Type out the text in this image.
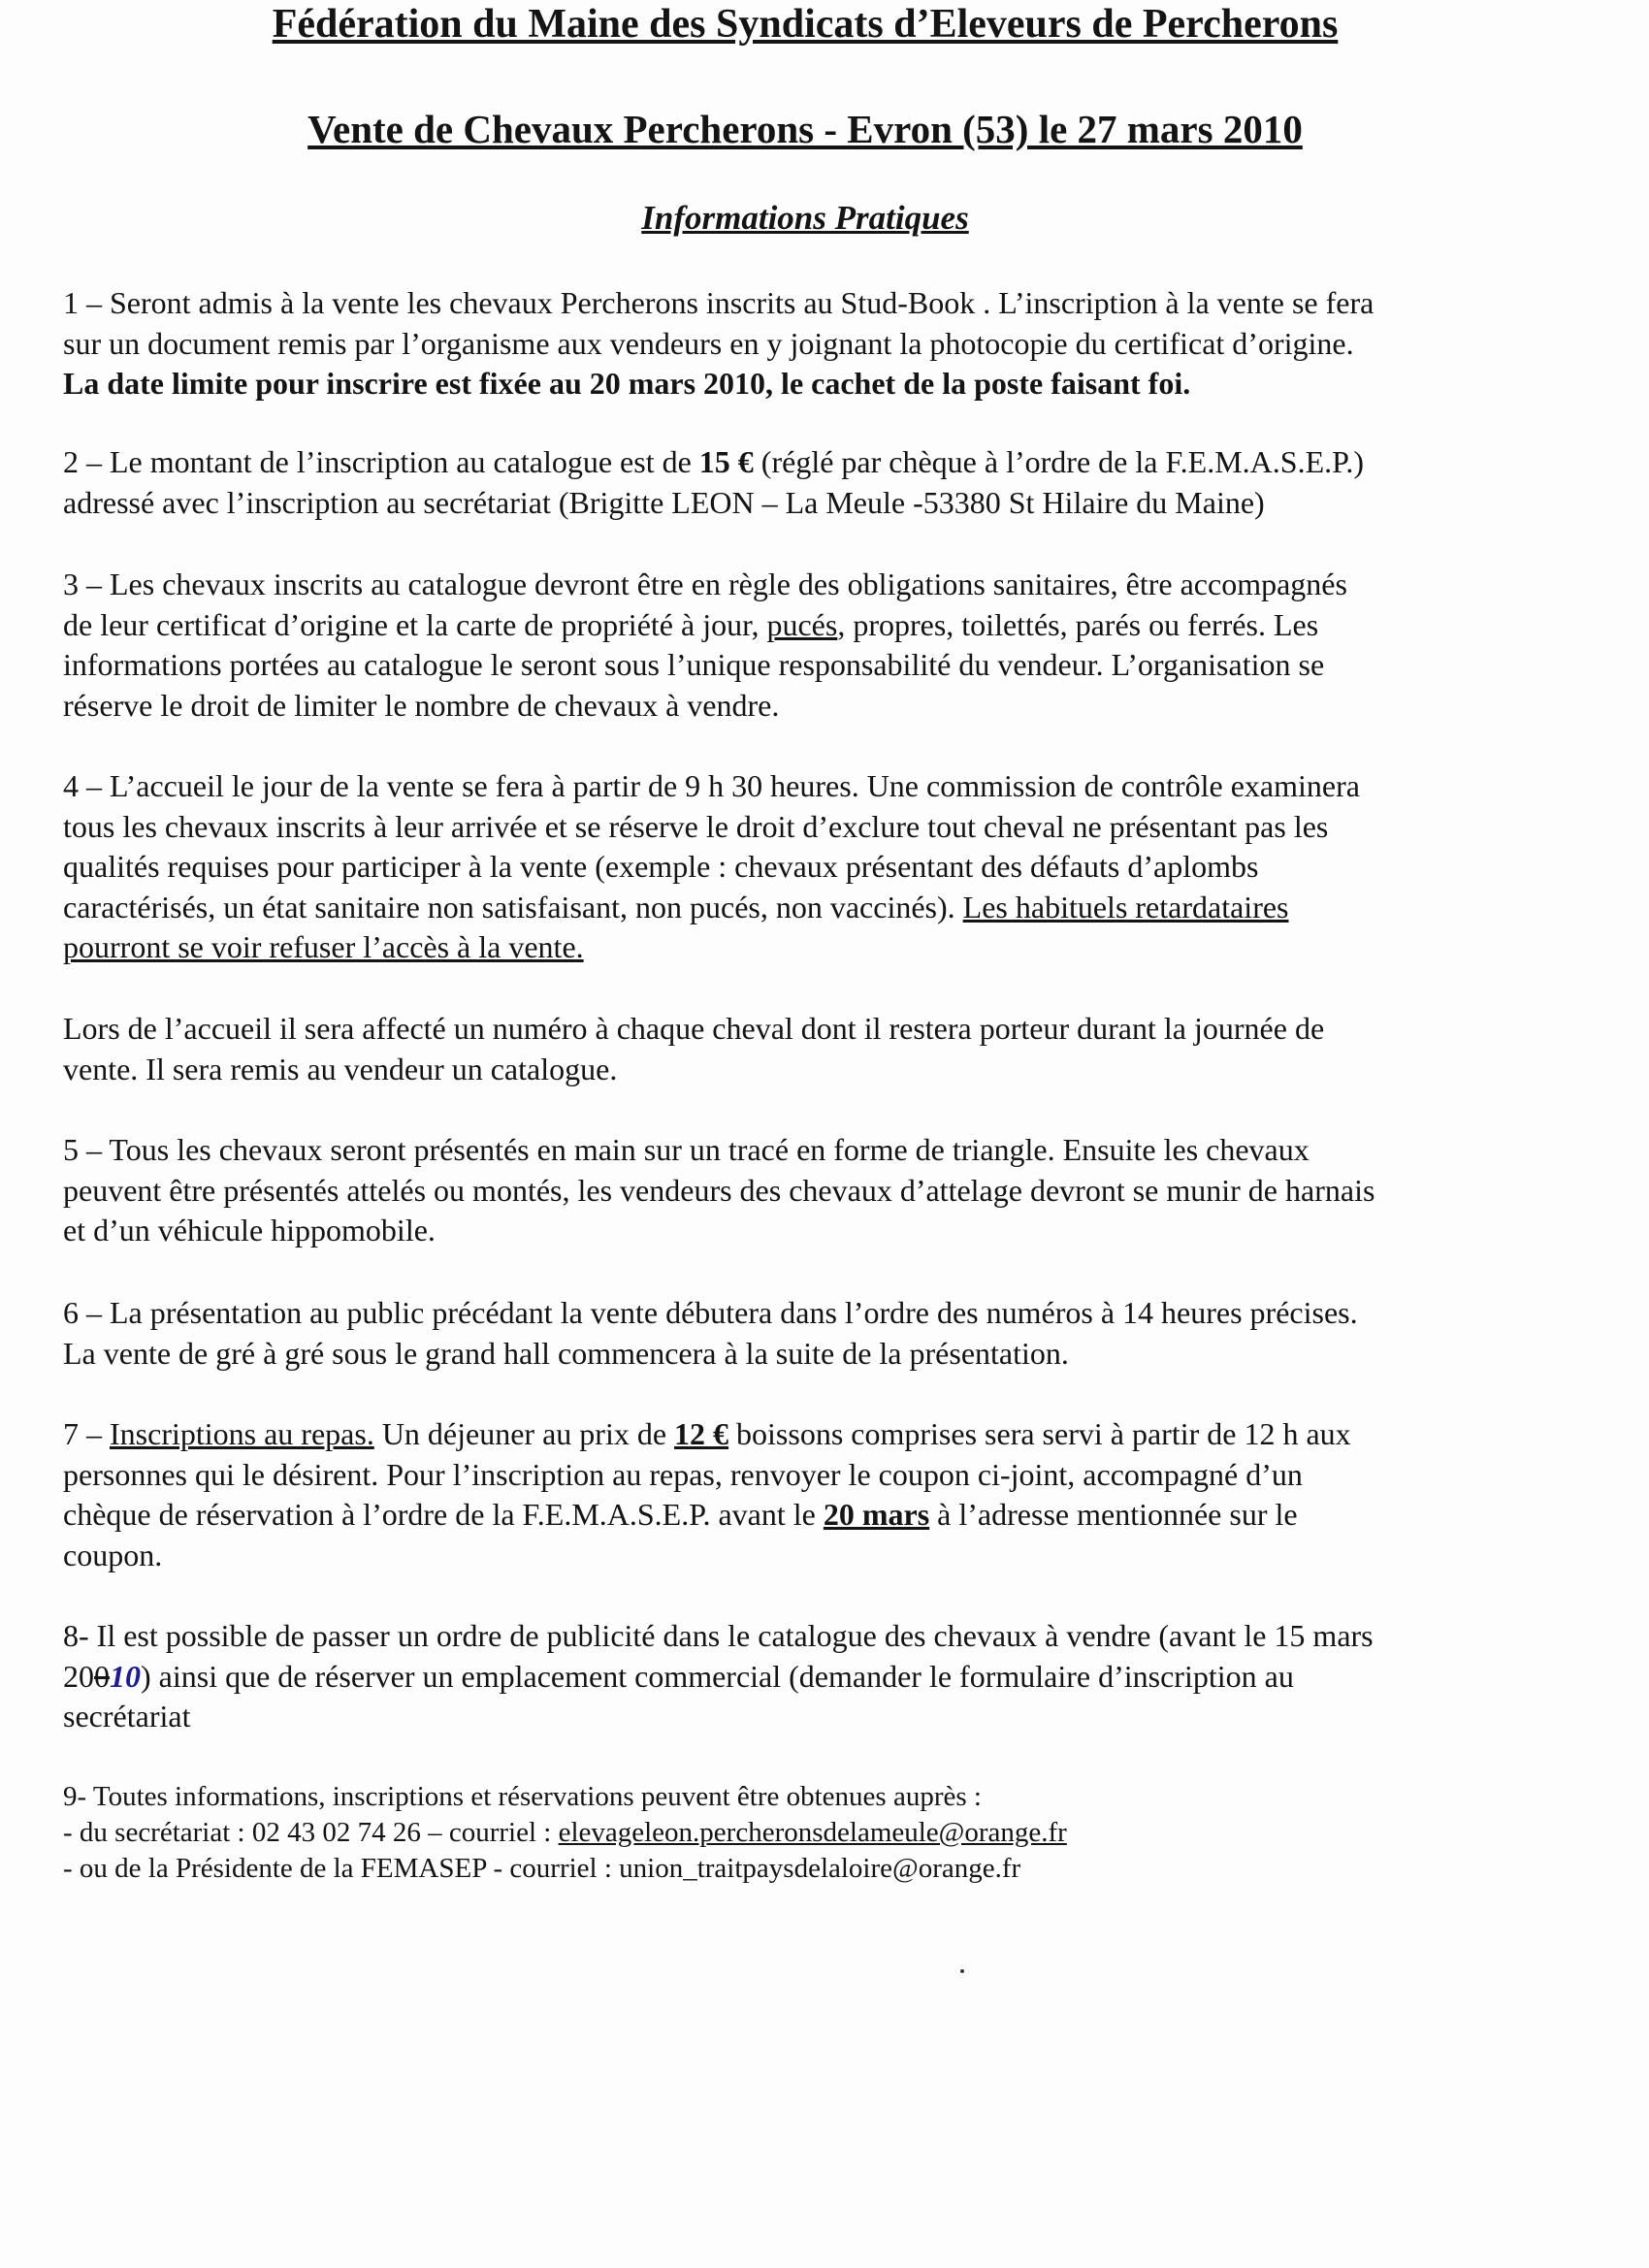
Fédération du Maine des Syndicats d’Eleveurs de Percherons
Vente de Chevaux Percherons - Evron (53) le 27 mars 2010
Informations Pratiques
1 – Seront admis à la vente les chevaux Percherons inscrits au Stud-Book . L’inscription à la vente se fera
sur un document remis par l’organisme aux vendeurs en y joignant la photocopie du certificat d’origine.
La date limite pour inscrire est fixée au 20 mars 2010, le cachet de la poste faisant foi.
2 – Le montant de l’inscription au catalogue est de 15 € (réglé par chèque à l’ordre de la F.E.M.A.S.E.P.)
adressé avec l’inscription au secrétariat (Brigitte LEON – La Meule -53380 St Hilaire du Maine)
3 – Les chevaux inscrits au catalogue devront être en règle des obligations sanitaires, être accompagnés
de leur certificat d’origine et la carte de propriété à jour, pucés, propres, toilettés, parés ou ferrés. Les
informations portées au catalogue le seront sous l’unique responsabilité du vendeur. L’organisation se
réserve le droit de limiter le nombre de chevaux à vendre.
4 – L’accueil le jour de la vente se fera à partir de 9 h 30 heures. Une commission de contrôle examinera
tous les chevaux inscrits à leur arrivée et se réserve le droit d’exclure tout cheval ne présentant pas les
qualités requises pour participer à la vente (exemple : chevaux présentant des défauts d’aplombs
caractérisés, un état sanitaire non satisfaisant, non pucés, non vaccinés). Les habituels retardataires
pourront se voir refuser l’accès à la vente.
Lors de l’accueil il sera affecté un numéro à chaque cheval dont il restera porteur durant la journée de
vente. Il sera remis au vendeur un catalogue.
5 – Tous les chevaux seront présentés en main sur un tracé en forme de triangle. Ensuite les chevaux
peuvent être présentés attelés ou montés, les vendeurs des chevaux d’attelage devront se munir de harnais
et d’un véhicule hippomobile.
6 – La présentation au public précédant la vente débutera dans l’ordre des numéros à 14 heures précises.
La vente de gré à gré sous le grand hall commencera à la suite de la présentation.
7 – Inscriptions au repas. Un déjeuner au prix de 12 € boissons comprises sera servi à partir de 12 h aux
personnes qui le désirent. Pour l’inscription au repas, renvoyer le coupon ci-joint, accompagné d’un
chèque de réservation à l’ordre de la F.E.M.A.S.E.P. avant le 20 mars à l’adresse mentionnée sur le
coupon.
8- Il est possible de passer un ordre de publicité dans le catalogue des chevaux à vendre (avant le 15 mars
20010) ainsi que de réserver un emplacement commercial (demander le formulaire d’inscription au
secrétariat
9- Toutes informations, inscriptions et réservations peuvent être obtenues auprès :
- du secrétariat : 02 43 02 74 26 – courriel : elevageleon.percheronsdelameule@orange.fr
- ou de la Présidente de la FEMASEP - courriel : union_traitpaysdelaloire@orange.fr
